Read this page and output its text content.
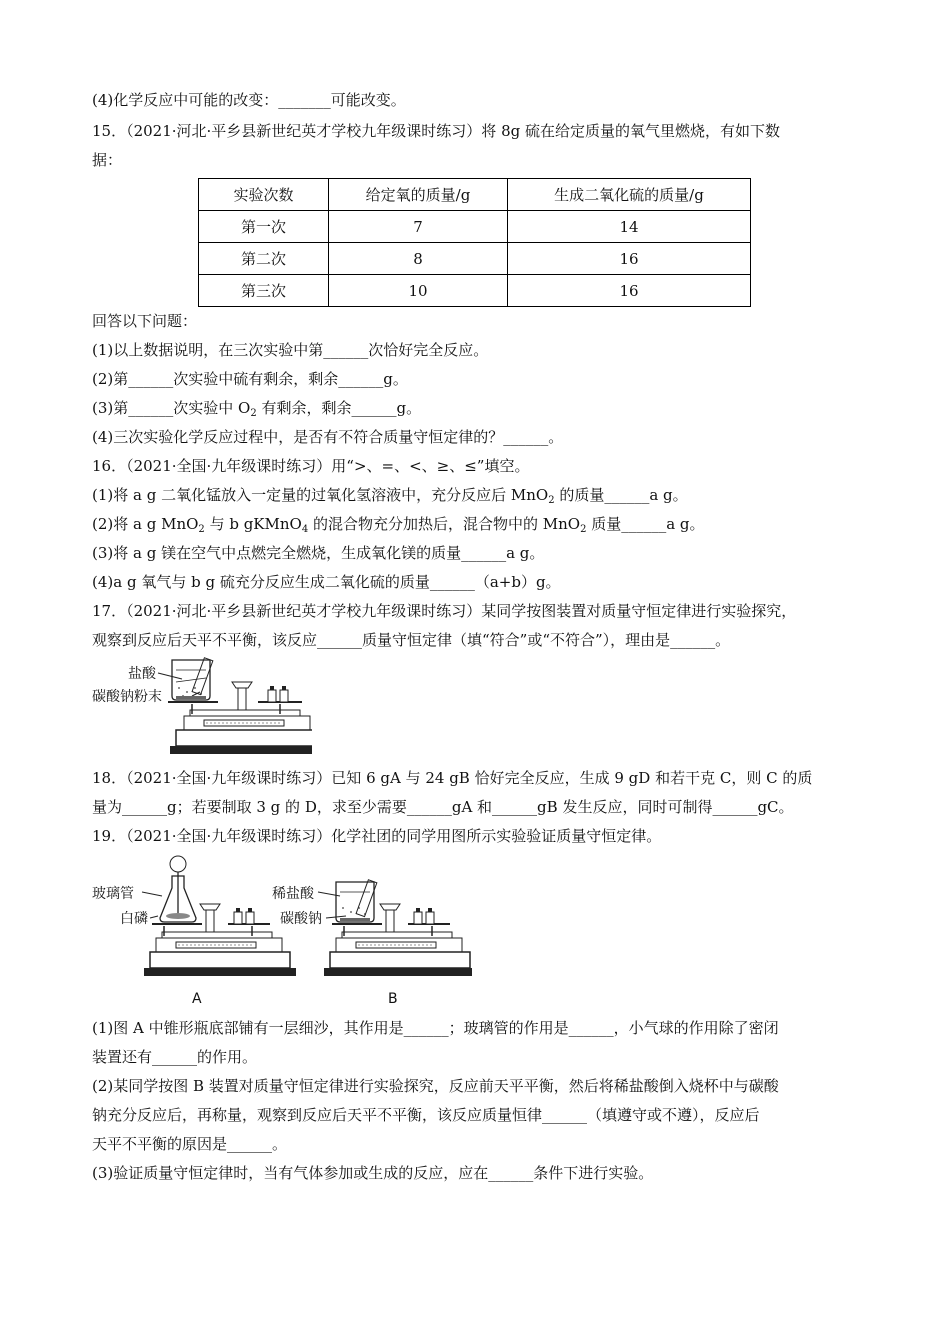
(4)化学反应中可能的改变：_______可能改变。
15．（2021·河北·平乡县新世纪英才学校九年级课时练习）将 8g 硫在给定质量的氧气里燃烧，有如下数
据：
实验次数	给定氧的质量/g	生成二氧化硫的质量/g
第一次	7	14
第二次	8	16
第三次	10	16
回答以下问题：
(1)以上数据说明，在三次实验中第______次恰好完全反应。
(2)第______次实验中硫有剩余，剩余______g。
(3)第______次实验中 $O_2$ 有剩余，剩余______g。
(4)三次实验化学反应过程中，是否有不符合质量守恒定律的？______。
16．（2021·全国·九年级课时练习）用“>、=、<、≥、≤”填空。
(1)将 a g 二氧化锰放入一定量的过氧化氢溶液中，充分反应后 MnO$_2$ 的质量______a g。
(2)将 a g MnO$_2$ 与 b gKMnO$_4$ 的混合物充分加热后，混合物中的 MnO$_2$ 质量______a g。
(3)将 a g 镁在空气中点燃完全燃烧，生成氧化镁的质量______a g。
(4)a g 氧气与 b g 硫充分反应生成二氧化硫的质量______（a+b）g。
17．（2021·河北·平乡县新世纪英才学校九年级课时练习）某同学按图装置对质量守恒定律进行实验探究，
观察到反应后天平不平衡，该反应______质量守恒定律（填“符合”或“不符合”），理由是______。
盐酸
碳酸钠粉末
18．（2021·全国·九年级课时练习）已知 6 gA 与 24 gB 恰好完全反应，生成 9 gD 和若干克 C，则 C 的质
量为______g；若要制取 3 g 的 D，求至少需要______gA 和______gB 发生反应，同时可制得______gC。
19．（2021·全国·九年级课时练习）化学社团的同学用图所示实验验证质量守恒定律。
玻璃管
白磷
A
稀盐酸
碳酸钠
B
(1)图 A 中锥形瓶底部铺有一层细沙，其作用是______；玻璃管的作用是______，小气球的作用除了密闭
装置还有______的作用。
(2)某同学按图 B 装置对质量守恒定律进行实验探究，反应前天平平衡，然后将稀盐酸倒入烧杯中与碳酸
钠充分反应后，再称量，观察到反应后天平不平衡，该反应质量恒律______（填遵守或不遵），反应后
天平不平衡的原因是______。
(3)验证质量守恒定律时，当有气体参加或生成的反应，应在______条件下进行实验。
